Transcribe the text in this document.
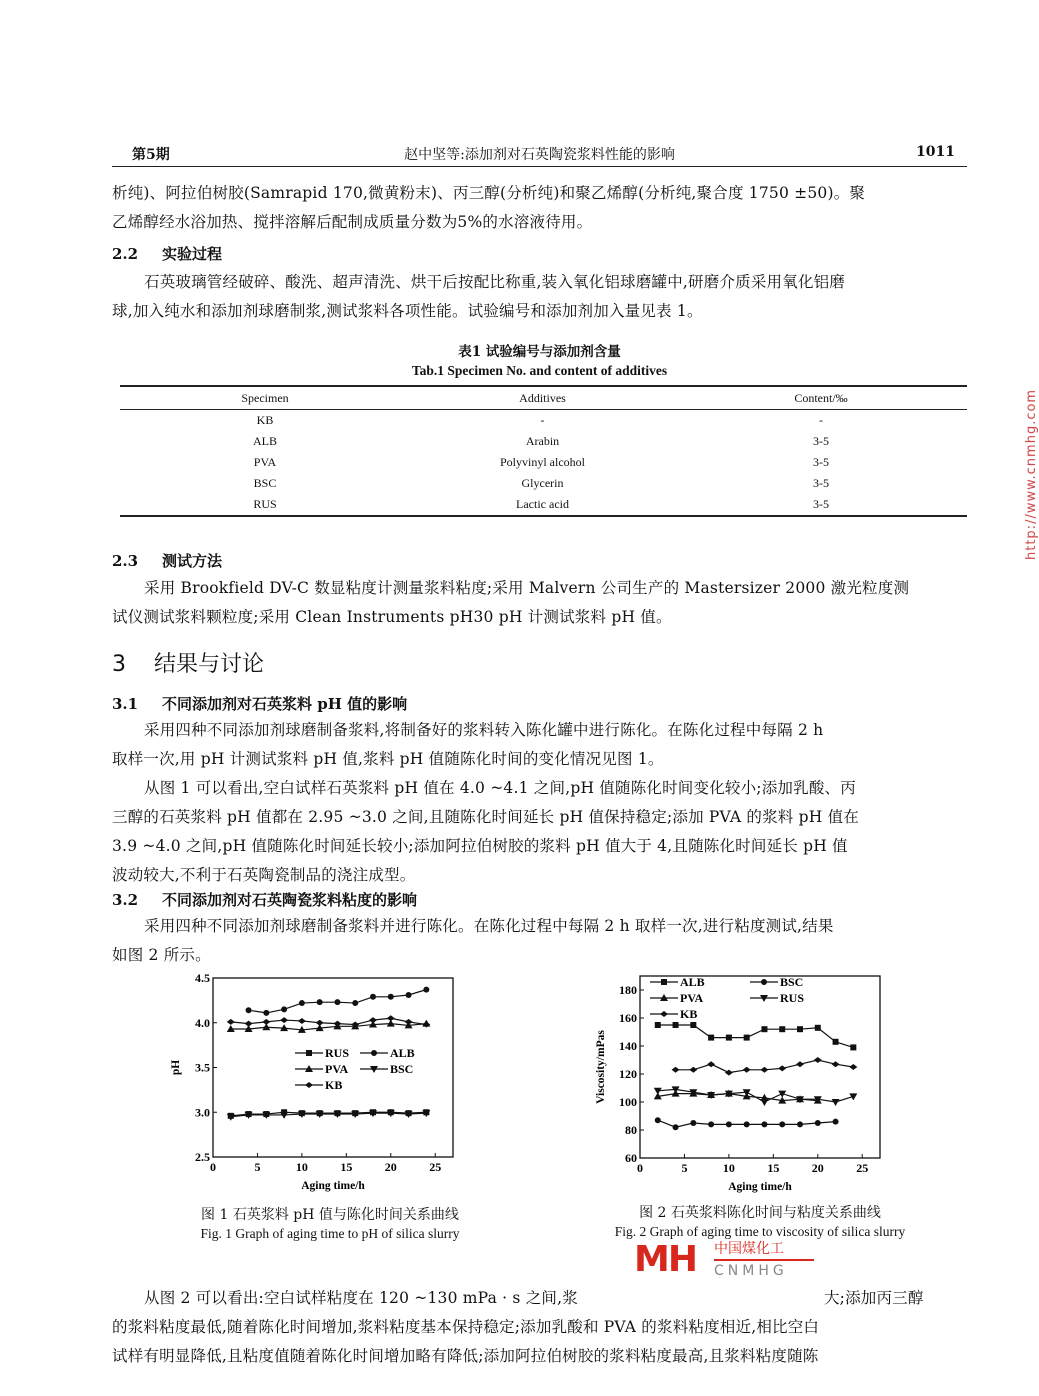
第5期	赵中坚等:添加剂对石英陶瓷浆料性能的影响	1011
析纯)、阿拉伯树胶(Samrapid 170,微黄粉末)、丙三醇(分析纯)和聚乙烯醇(分析纯,聚合度 1750 ±50)。聚
乙烯醇经水浴加热、搅拌溶解后配制成质量分数为5%的水溶液待用。
2.2 实验过程
石英玻璃管经破碎、酸洗、超声清洗、烘干后按配比称重,装入氧化铝球磨罐中,研磨介质采用氧化铝磨
球,加入纯水和添加剂球磨制浆,测试浆料各项性能。试验编号和添加剂加入量见表 1。
表1 试验编号与添加剂含量
Tab.1 Specimen No. and content of additives
Specimen	Additives	Content/‰
KB	-	-
ALB	Arabin	3-5
PVA	Polyvinyl alcohol	3-5
BSC	Glycerin	3-5
RUS	Lactic acid	3-5
2.3 测试方法
采用 Brookfield DV-C 数显粘度计测量浆料粘度;采用 Malvern 公司生产的 Mastersizer 2000 激光粒度测
试仪测试浆料颗粒度;采用 Clean Instruments pH30 pH 计测试浆料 pH 值。
3 结果与讨论
3.1 不同添加剂对石英浆料 pH 值的影响
采用四种不同添加剂球磨制备浆料,将制备好的浆料转入陈化罐中进行陈化。在陈化过程中每隔 2 h
取样一次,用 pH 计测试浆料 pH 值,浆料 pH 值随陈化时间的变化情况见图 1。
从图 1 可以看出,空白试样石英浆料 pH 值在 4.0 ~4.1 之间,pH 值随陈化时间变化较小;添加乳酸、丙
三醇的石英浆料 pH 值都在 2.95 ~3.0 之间,且随陈化时间延长 pH 值保持稳定;添加 PVA 的浆料 pH 值在
3.9 ~4.0 之间,pH 值随陈化时间延长较小;添加阿拉伯树胶的浆料 pH 值大于 4,且随陈化时间延长 pH 值
波动较大,不利于石英陶瓷制品的浇注成型。
3.2 不同添加剂对石英陶瓷浆料粘度的影响
采用四种不同添加剂球磨制备浆料并进行陈化。在陈化过程中每隔 2 h 取样一次,进行粘度测试,结果
如图 2 所示。
0	5	10	15	20	25
2.5
3.0
3.5
4.0
4.5
Aging time/h
pH
RUS	ALB
PVA	BSC
KB
图 1 石英浆料 pH 值与陈化时间关系曲线
Fig. 1 Graph of aging time to pH of silica slurry
0	5	10	15	20	25
60
80
100
120
140
160
180
Aging time/h
Viscosity/mPas
ALB	BSC
PVA	RUS
KB
图 2 石英浆料陈化时间与粘度关系曲线
Fig. 2 Graph of aging time to viscosity of silica slurry
MH 中国煤化工
CNMHG
从图 2 可以看出:空白试样粘度在 120 ~130 mPa · s 之间,浆	大;添加丙三醇
的浆料粘度最低,随着陈化时间增加,浆料粘度基本保持稳定;添加乳酸和 PVA 的浆料粘度相近,相比空白
试样有明显降低,且粘度值随着陈化时间增加略有降低;添加阿拉伯树胶的浆料粘度最高,且浆料粘度随陈
http://www.cnmhg.com
